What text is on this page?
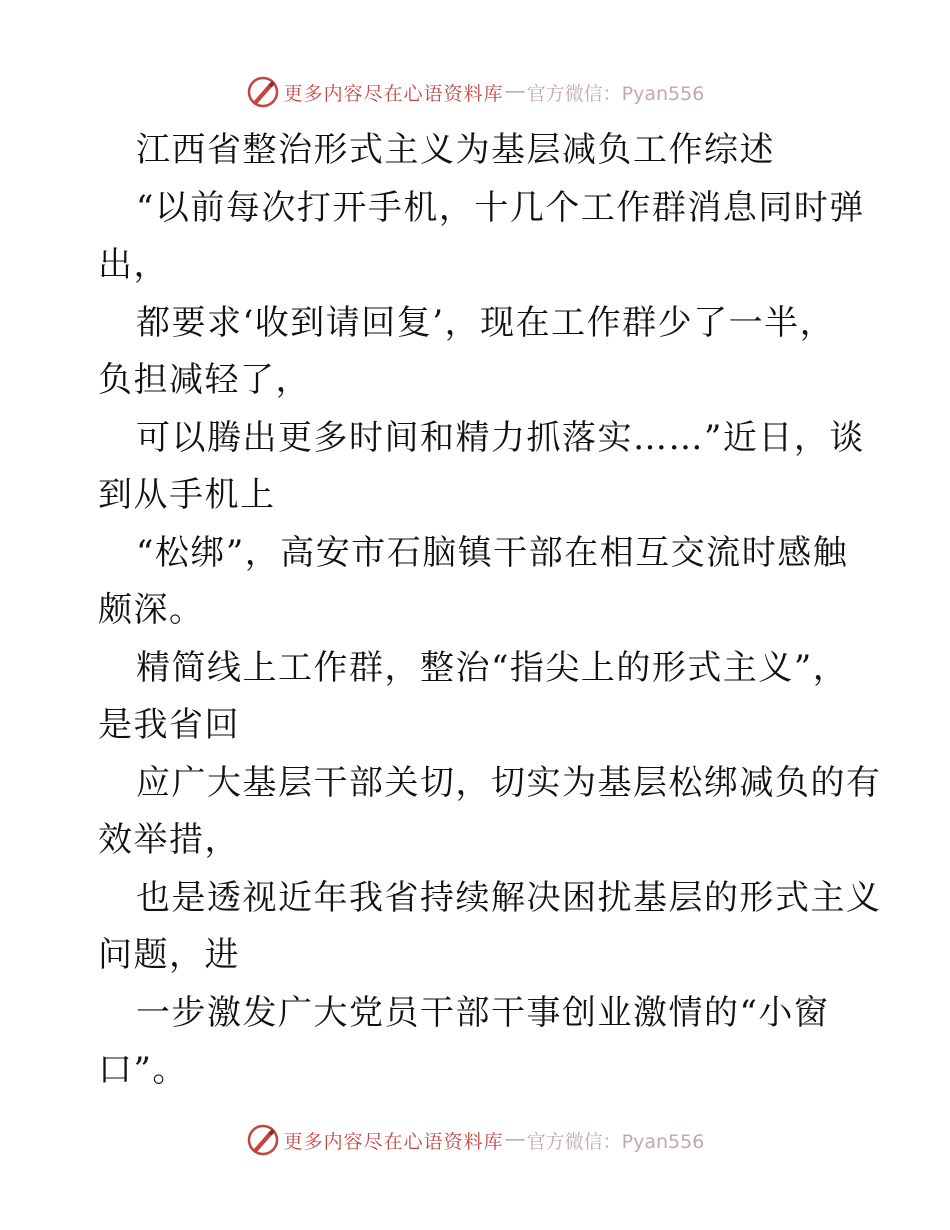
更多内容尽在心语资料库 — 官方微信：Pyan556
江西省整治形式主义为基层减负工作综述
“以前每次打开手机，十几个工作群消息同时弹
出，
都要求‘收到请回复’，现在工作群少了一半，
负担减轻了，
可以腾出更多时间和精力抓落实……”近日，谈
到从手机上
“松绑”，高安市石脑镇干部在相互交流时感触
颇深。
精简线上工作群，整治“指尖上的形式主义”，
是我省回
应广大基层干部关切，切实为基层松绑减负的有
效举措，
也是透视近年我省持续解决困扰基层的形式主义
问题，进
一步激发广大党员干部干事创业激情的“小窗
口”。
更多内容尽在心语资料库 — 官方微信：Pyan556
